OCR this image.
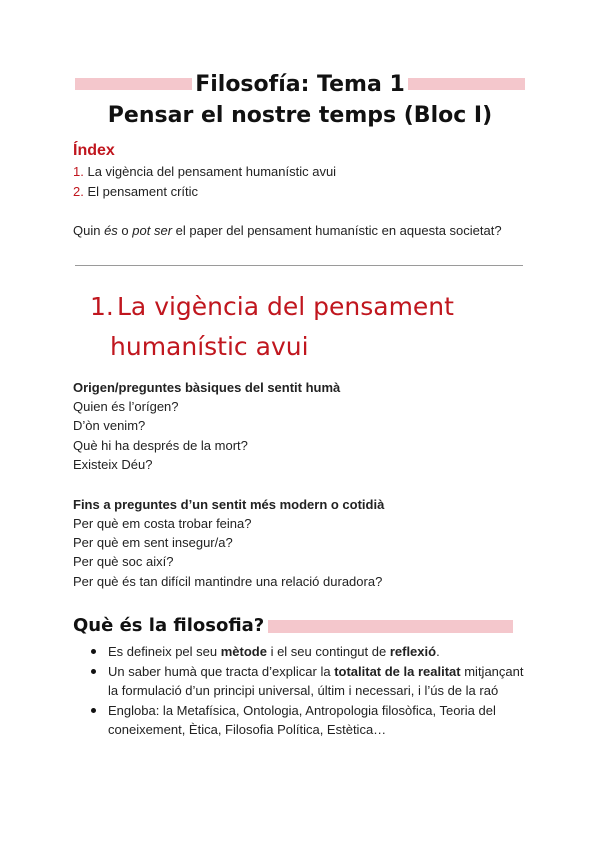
Filosofía: Tema 1
Pensar el nostre temps (Bloc I)
Índex
1. La vigència del pensament humanístic avui
2. El pensament crític
Quin és o pot ser el paper del pensament humanístic en aquesta societat?
1. La vigència del pensament
humanístic avui
Origen/preguntes bàsiques del sentit humà
Quien és l’orígen?
D’òn venim?
Què hi ha després de la mort?
Existeix Déu?
Fins a preguntes d’un sentit més modern o cotidià
Per què em costa trobar feina?
Per què em sent insegur/a?
Per què soc així?
Per què és tan difícil mantindre una relació duradora?
Què és la filosofia?
Es defineix pel seu mètode i el seu contingut de reflexió.
Un saber humà que tracta d’explicar la totalitat de la realitat mitjançant la formulació d’un principi universal, últim i necessari, i l’ús de la raó
Engloba: la Metafísica, Ontologia, Antropologia filosòfica, Teoria del coneixement, Ètica, Filosofia Política, Estètica…
